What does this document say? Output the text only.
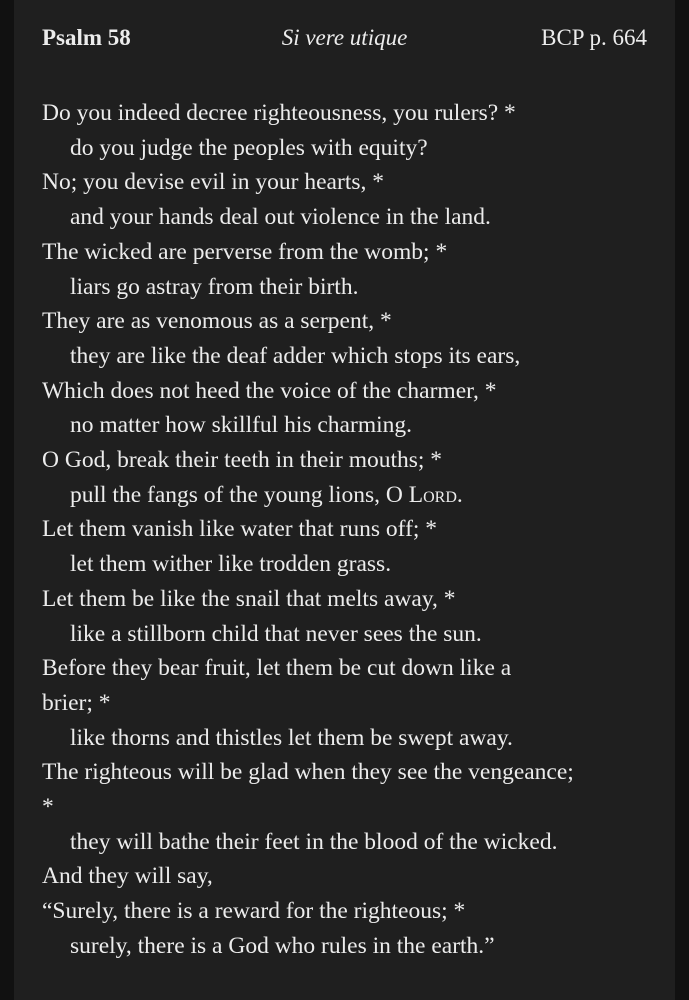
Psalm 58	Si vere utique	BCP p. 664

Do you indeed decree righteousness, you rulers? *

do you judge the peoples with equity?

No; you devise evil in your hearts, *

and your hands deal out violence in the land.

The wicked are perverse from the womb; *

liars go astray from their birth.

They are as venomous as a serpent, *

they are like the deaf adder which stops its ears,

Which does not heed the voice of the charmer, *

no matter how skillful his charming.

O God, break their teeth in their mouths; *

pull the fangs of the young lions, O Lord.

Let them vanish like water that runs off; *

let them wither like trodden grass.

Let them be like the snail that melts away, *

like a stillborn child that never sees the sun.

Before they bear fruit, let them be cut down like a

brier; *

like thorns and thistles let them be swept away.

The righteous will be glad when they see the vengeance;

*

they will bathe their feet in the blood of the wicked.

And they will say,

“Surely, there is a reward for the righteous; *

surely, there is a God who rules in the earth.”
